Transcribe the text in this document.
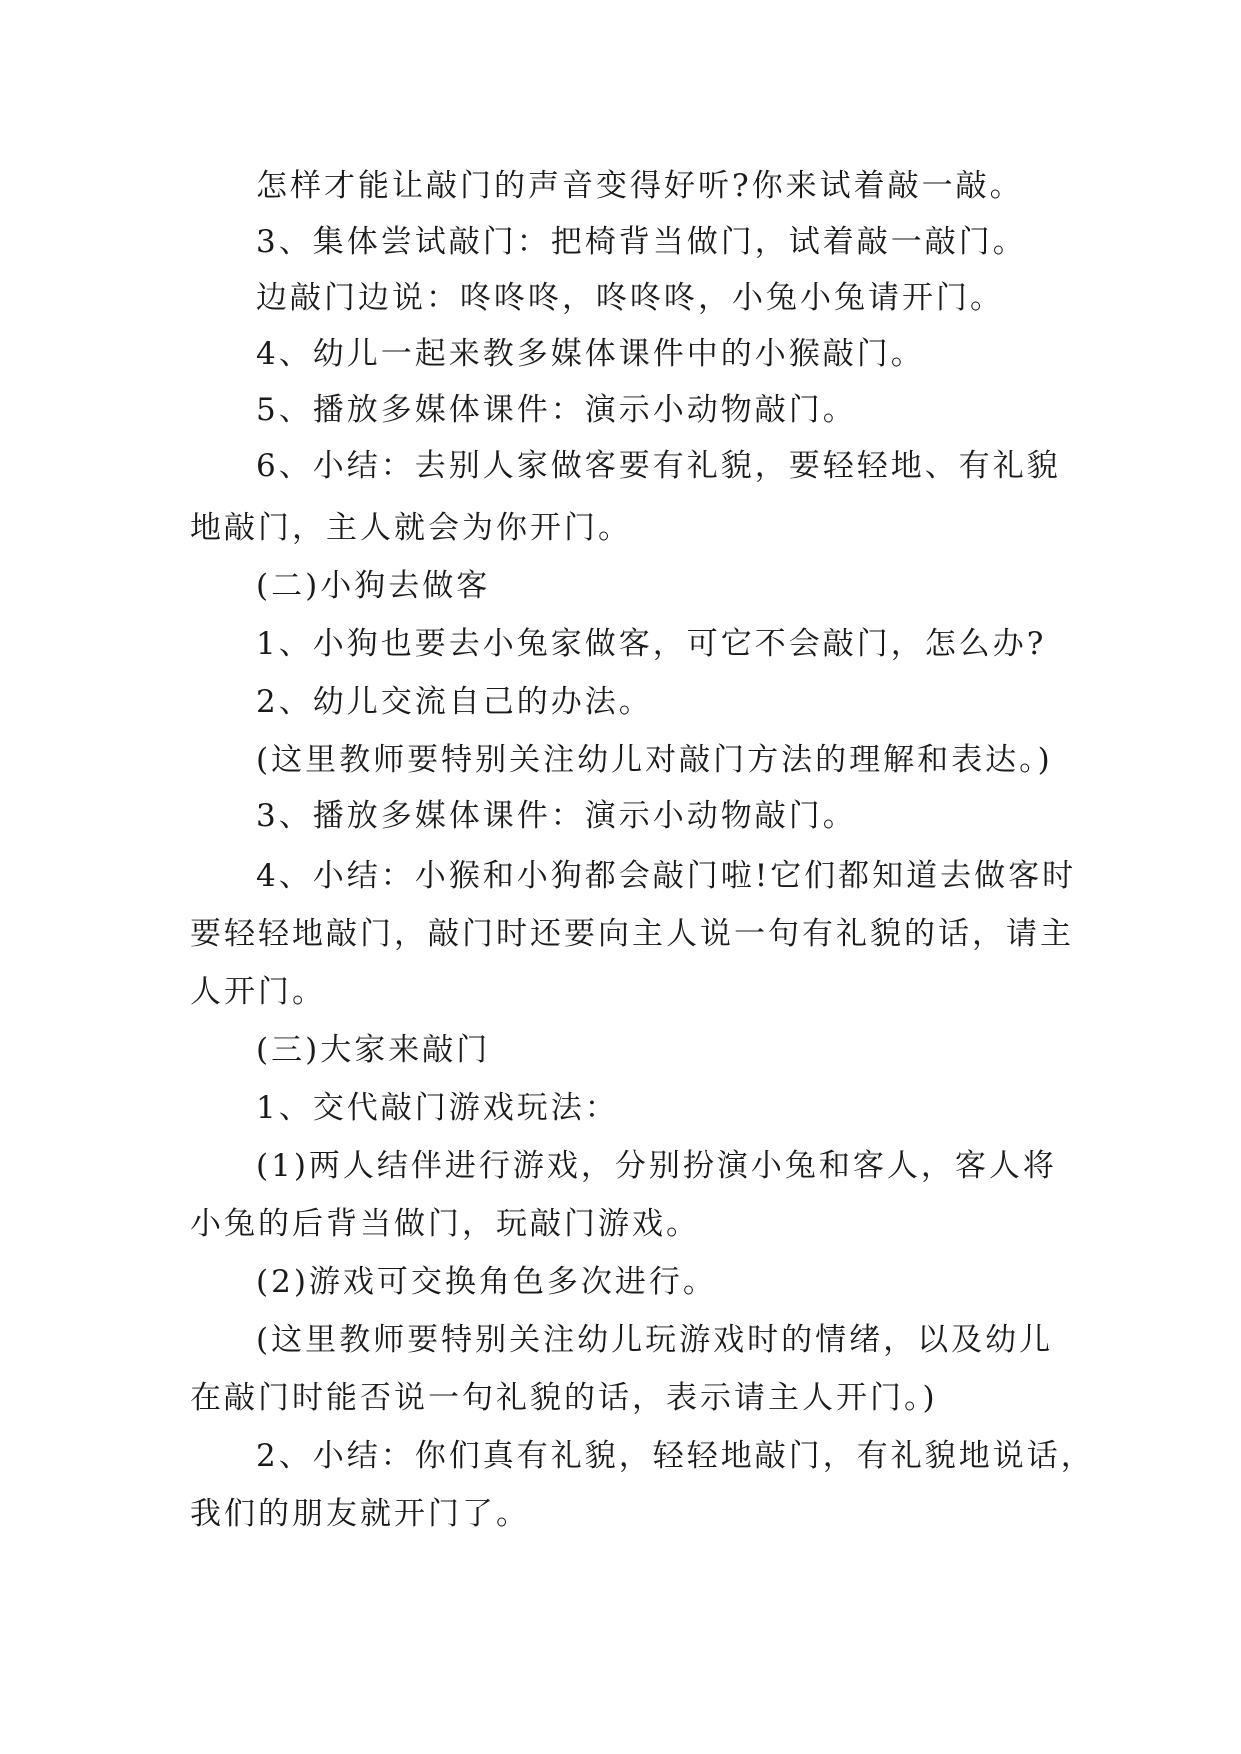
怎样才能让敲门的声音变得好听?你来试着敲一敲。
3、集体尝试敲门：把椅背当做门，试着敲一敲门。
边敲门边说：咚咚咚，咚咚咚，小兔小兔请开门。
4、幼儿一起来教多媒体课件中的小猴敲门。
5、播放多媒体课件：演示小动物敲门。
6、小结：去别人家做客要有礼貌，要轻轻地、有礼貌
地敲门，主人就会为你开门。
(二)小狗去做客
1、小狗也要去小兔家做客，可它不会敲门，怎么办?
2、幼儿交流自己的办法。
(这里教师要特别关注幼儿对敲门方法的理解和表达。)
3、播放多媒体课件：演示小动物敲门。
4、小结：小猴和小狗都会敲门啦!它们都知道去做客时
要轻轻地敲门，敲门时还要向主人说一句有礼貌的话，请主
人开门。
(三)大家来敲门
1、交代敲门游戏玩法：
(1)两人结伴进行游戏，分别扮演小兔和客人，客人将
小兔的后背当做门，玩敲门游戏。
(2)游戏可交换角色多次进行。
(这里教师要特别关注幼儿玩游戏时的情绪，以及幼儿
在敲门时能否说一句礼貌的话，表示请主人开门。)
2、小结：你们真有礼貌，轻轻地敲门，有礼貌地说话，
我们的朋友就开门了。
